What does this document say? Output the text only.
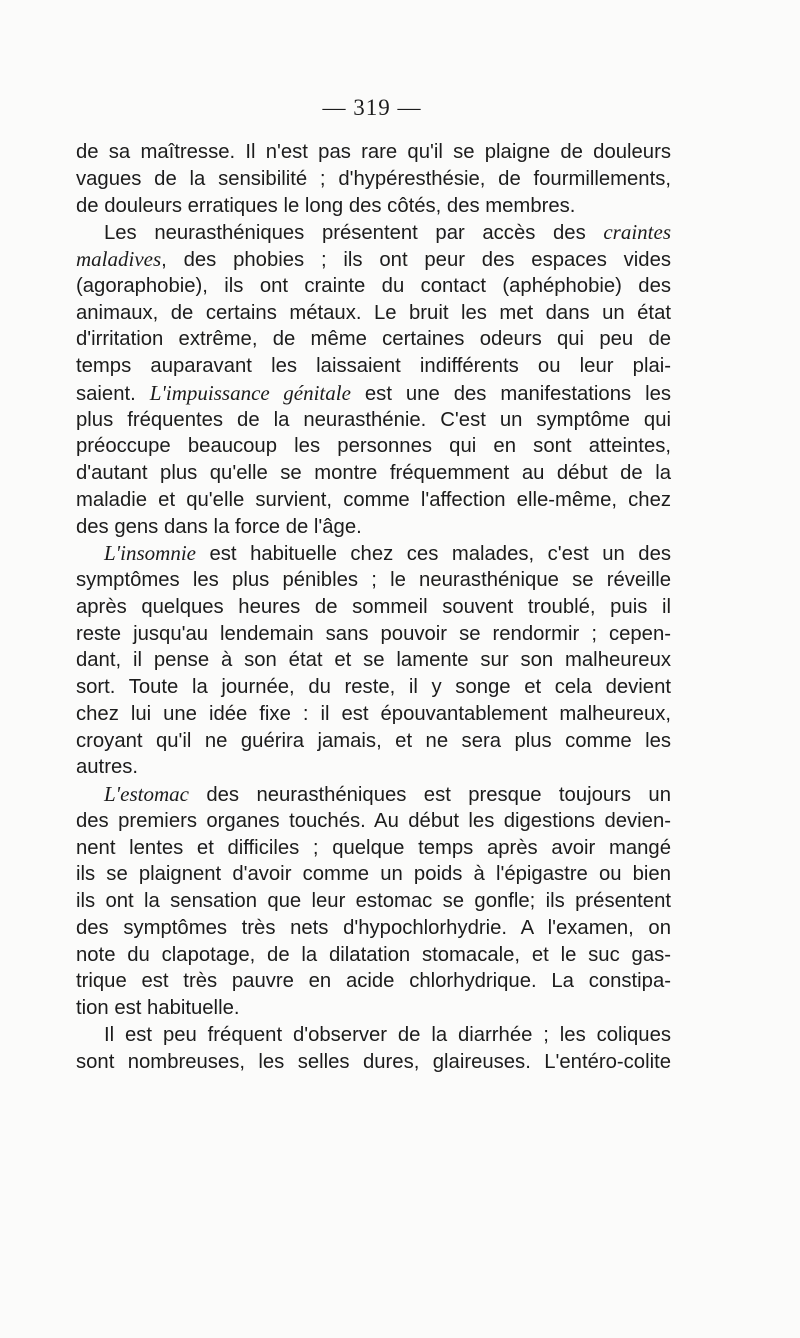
— 319 —
de sa maîtresse. Il n'est pas rare qu'il se plaigne de douleurs
vagues de la sensibilité ; d'hypéresthésie, de fourmillements,
de douleurs erratiques le long des côtés, des membres.
Les neurasthéniques présentent par accès des craintes
maladives, des phobies ; ils ont peur des espaces vides
(agoraphobie), ils ont crainte du contact (aphéphobie) des
animaux, de certains métaux. Le bruit les met dans un état
d'irritation extrême, de même certaines odeurs qui peu de
temps auparavant les laissaient indifférents ou leur plai-
saient. L'impuissance génitale est une des manifestations les
plus fréquentes de la neurasthénie. C'est un symptôme qui
préoccupe beaucoup les personnes qui en sont atteintes,
d'autant plus qu'elle se montre fréquemment au début de la
maladie et qu'elle survient, comme l'affection elle-même, chez
des gens dans la force de l'âge.
L'insomnie est habituelle chez ces malades, c'est un des
symptômes les plus pénibles ; le neurasthénique se réveille
après quelques heures de sommeil souvent troublé, puis il
reste jusqu'au lendemain sans pouvoir se rendormir ; cepen-
dant, il pense à son état et se lamente sur son malheureux
sort. Toute la journée, du reste, il y songe et cela devient
chez lui une idée fixe : il est épouvantablement malheureux,
croyant qu'il ne guérira jamais, et ne sera plus comme les
autres.
L'estomac des neurasthéniques est presque toujours un
des premiers organes touchés. Au début les digestions devien-
nent lentes et difficiles ; quelque temps après avoir mangé
ils se plaignent d'avoir comme un poids à l'épigastre ou bien
ils ont la sensation que leur estomac se gonfle; ils présentent
des symptômes très nets d'hypochlorhydrie. A l'examen, on
note du clapotage, de la dilatation stomacale, et le suc gas-
trique est très pauvre en acide chlorhydrique. La constipa-
tion est habituelle.
Il est peu fréquent d'observer de la diarrhée ; les coliques
sont nombreuses, les selles dures, glaireuses. L'entéro-colite
